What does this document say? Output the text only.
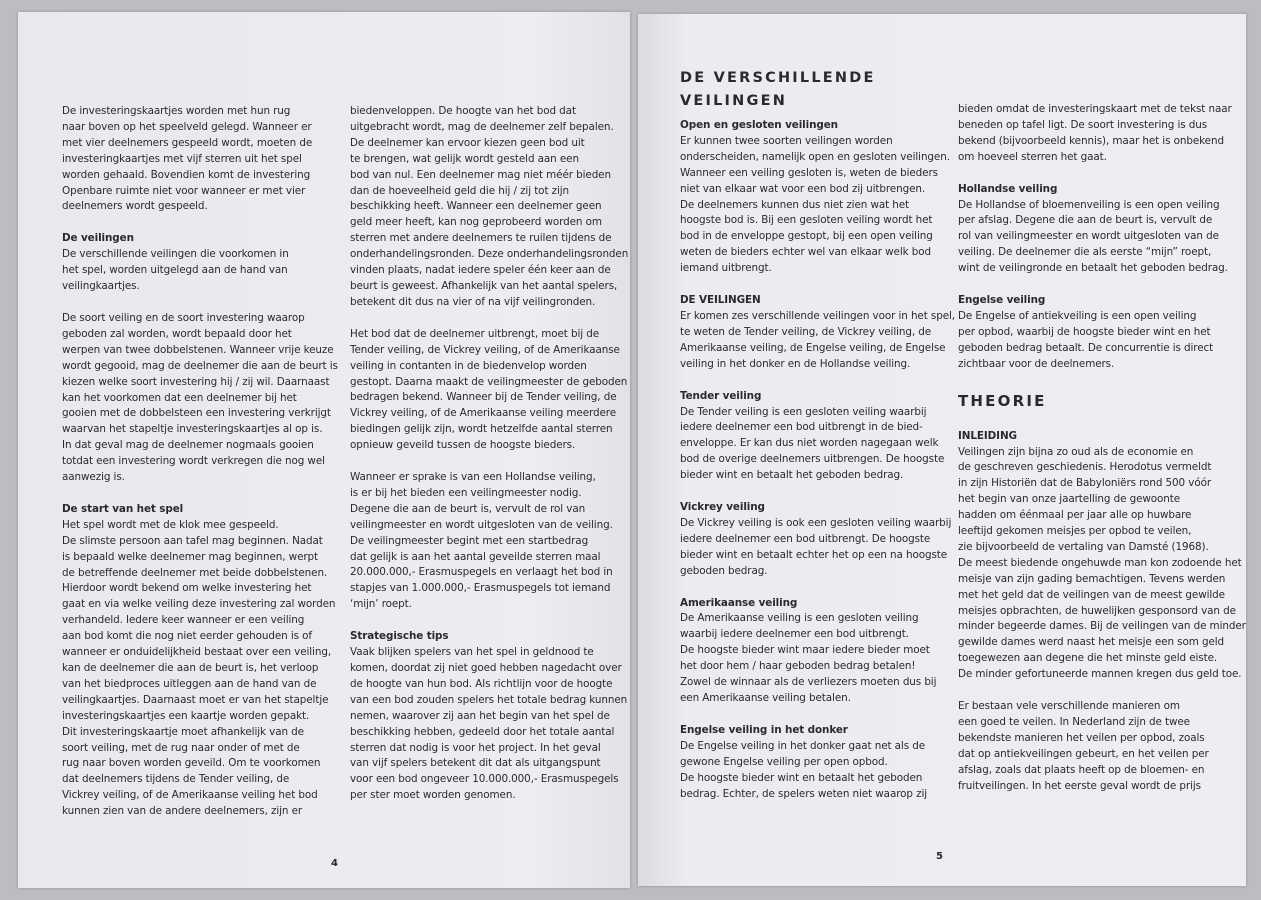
De investeringskaartjes worden met hun rug
naar boven op het speelveld gelegd. Wanneer er
met vier deelnemers gespeeld wordt, moeten de
investeringkaartjes met vijf sterren uit het spel
worden gehaald. Bovendien komt de investering
Openbare ruimte niet voor wanneer er met vier
deelnemers wordt gespeeld.

De veilingen

De verschillende veilingen die voorkomen in
het spel, worden uitgelegd aan de hand van
veilingkaartjes.

De soort veiling en de soort investering waarop
geboden zal worden, wordt bepaald door het
werpen van twee dobbelstenen. Wanneer vrije keuze
wordt gegooid, mag de deelnemer die aan de beurt is
kiezen welke soort investering hij / zij wil. Daarnaast
kan het voorkomen dat een deelnemer bij het
gooien met de dobbelsteen een investering verkrijgt
waarvan het stapeltje investeringskaartjes al op is.
In dat geval mag de deelnemer nogmaals gooien
totdat een investering wordt verkregen die nog wel
aanwezig is.

De start van het spel

Het spel wordt met de klok mee gespeeld.
De slimste persoon aan tafel mag beginnen. Nadat
is bepaald welke deelnemer mag beginnen, werpt
de betreffende deelnemer met beide dobbelstenen.
Hierdoor wordt bekend om welke investering het
gaat en via welke veiling deze investering zal worden
verhandeld. Iedere keer wanneer er een veiling
aan bod komt die nog niet eerder gehouden is of
wanneer er onduidelijkheid bestaat over een veiling,
kan de deelnemer die aan de beurt is, het verloop
van het biedproces uitleggen aan de hand van de
veilingkaartjes. Daarnaast moet er van het stapeltje
investeringskaartjes een kaartje worden gepakt.
Dit investeringskaartje moet afhankelijk van de
soort veiling, met de rug naar onder of met de
rug naar boven worden geveild. Om te voorkomen
dat deelnemers tijdens de Tender veiling, de
Vickrey veiling, of de Amerikaanse veiling het bod
kunnen zien van de andere deelnemers, zijn er

biedenveloppen. De hoogte van het bod dat
uitgebracht wordt, mag de deelnemer zelf bepalen.
De deelnemer kan ervoor kiezen geen bod uit
te brengen, wat gelijk wordt gesteld aan een
bod van nul. Een deelnemer mag niet méér bieden
dan de hoeveelheid geld die hij / zij tot zijn
beschikking heeft. Wanneer een deelnemer geen
geld meer heeft, kan nog geprobeerd worden om
sterren met andere deelnemers te ruilen tijdens de
onderhandelingsronden. Deze onderhandelingsronden
vinden plaats, nadat iedere speler één keer aan de
beurt is geweest. Afhankelijk van het aantal spelers,
betekent dit dus na vier of na vijf veilingronden.

Het bod dat de deelnemer uitbrengt, moet bij de
Tender veiling, de Vickrey veiling, of de Amerikaanse
veiling in contanten in de biedenvelop worden
gestopt. Daarna maakt de veilingmeester de geboden
bedragen bekend. Wanneer bij de Tender veiling, de
Vickrey veiling, of de Amerikaanse veiling meerdere
biedingen gelijk zijn, wordt hetzelfde aantal sterren
opnieuw geveild tussen de hoogste bieders.

Wanneer er sprake is van een Hollandse veiling,
is er bij het bieden een veilingmeester nodig.
Degene die aan de beurt is, vervult de rol van
veilingmeester en wordt uitgesloten van de veiling.
De veilingmeester begint met een startbedrag
dat gelijk is aan het aantal geveilde sterren maal
20.000.000,- Erasmuspegels en verlaagt het bod in
stapjes van 1.000.000,- Erasmuspegels tot iemand
‘mijn’ roept.

Strategische tips

Vaak blijken spelers van het spel in geldnood te
komen, doordat zij niet goed hebben nagedacht over
de hoogte van hun bod. Als richtlijn voor de hoogte
van een bod zouden spelers het totale bedrag kunnen
nemen, waarover zij aan het begin van het spel de
beschikking hebben, gedeeld door het totale aantal
sterren dat nodig is voor het project. In het geval
van vijf spelers betekent dit dat als uitgangspunt
voor een bod ongeveer 10.000.000,- Erasmuspegels
per ster moet worden genomen.

4
DE VERSCHILLENDE
VEILINGEN

Open en gesloten veilingen

Er kunnen twee soorten veilingen worden
onderscheiden, namelijk open en gesloten veilingen.
Wanneer een veiling gesloten is, weten de bieders
niet van elkaar wat voor een bod zij uitbrengen.
De deelnemers kunnen dus niet zien wat het
hoogste bod is. Bij een gesloten veiling wordt het
bod in de enveloppe gestopt, bij een open veiling
weten de bieders echter wel van elkaar welk bod
iemand uitbrengt.

DE VEILINGEN

Er komen zes verschillende veilingen voor in het spel,
te weten de Tender veiling, de Vickrey veiling, de
Amerikaanse veiling, de Engelse veiling, de Engelse
veiling in het donker en de Hollandse veiling.

Tender veiling

De Tender veiling is een gesloten veiling waarbij
iedere deelnemer een bod uitbrengt in de bied-
enveloppe. Er kan dus niet worden nagegaan welk
bod de overige deelnemers uitbrengen. De hoogste
bieder wint en betaalt het geboden bedrag.

Vickrey veiling

De Vickrey veiling is ook een gesloten veiling waarbij
iedere deelnemer een bod uitbrengt. De hoogste
bieder wint en betaalt echter het op een na hoogste
geboden bedrag.

Amerikaanse veiling

De Amerikaanse veiling is een gesloten veiling
waarbij iedere deelnemer een bod uitbrengt.
De hoogste bieder wint maar iedere bieder moet
het door hem / haar geboden bedrag betalen!
Zowel de winnaar als de verliezers moeten dus bij
een Amerikaanse veiling betalen.

Engelse veiling in het donker

De Engelse veiling in het donker gaat net als de
gewone Engelse veiling per open opbod.
De hoogste bieder wint en betaalt het geboden
bedrag. Echter, de spelers weten niet waarop zij

bieden omdat de investeringskaart met de tekst naar
beneden op tafel ligt. De soort investering is dus
bekend (bijvoorbeeld kennis), maar het is onbekend
om hoeveel sterren het gaat.

Hollandse veiling

De Hollandse of bloemenveiling is een open veiling
per afslag. Degene die aan de beurt is, vervult de
rol van veilingmeester en wordt uitgesloten van de
veiling. De deelnemer die als eerste “mijn” roept,
wint de veilingronde en betaalt het geboden bedrag.

Engelse veiling

De Engelse of antiekveiling is een open veiling
per opbod, waarbij de hoogste bieder wint en het
geboden bedrag betaalt. De concurrentie is direct
zichtbaar voor de deelnemers.

THEORIE

INLEIDING

Veilingen zijn bijna zo oud als de economie en
de geschreven geschiedenis. Herodotus vermeldt
in zijn Historiën dat de Babyloniërs rond 500 vóór
het begin van onze jaartelling de gewoonte
hadden om éénmaal per jaar alle op huwbare
leeftijd gekomen meisjes per opbod te veilen,
zie bijvoorbeeld de vertaling van Damsté (1968).
De meest biedende ongehuwde man kon zodoende het
meisje van zijn gading bemachtigen. Tevens werden
met het geld dat de veilingen van de meest gewilde
meisjes opbrachten, de huwelijken gesponsord van de
minder begeerde dames. Bij de veilingen van de minder
gewilde dames werd naast het meisje een som geld
toegewezen aan degene die het minste geld eiste.
De minder gefortuneerde mannen kregen dus geld toe.

Er bestaan vele verschillende manieren om
een goed te veilen. In Nederland zijn de twee
bekendste manieren het veilen per opbod, zoals
dat op antiekveilingen gebeurt, en het veilen per
afslag, zoals dat plaats heeft op de bloemen- en
fruitveilingen. In het eerste geval wordt de prijs

5
